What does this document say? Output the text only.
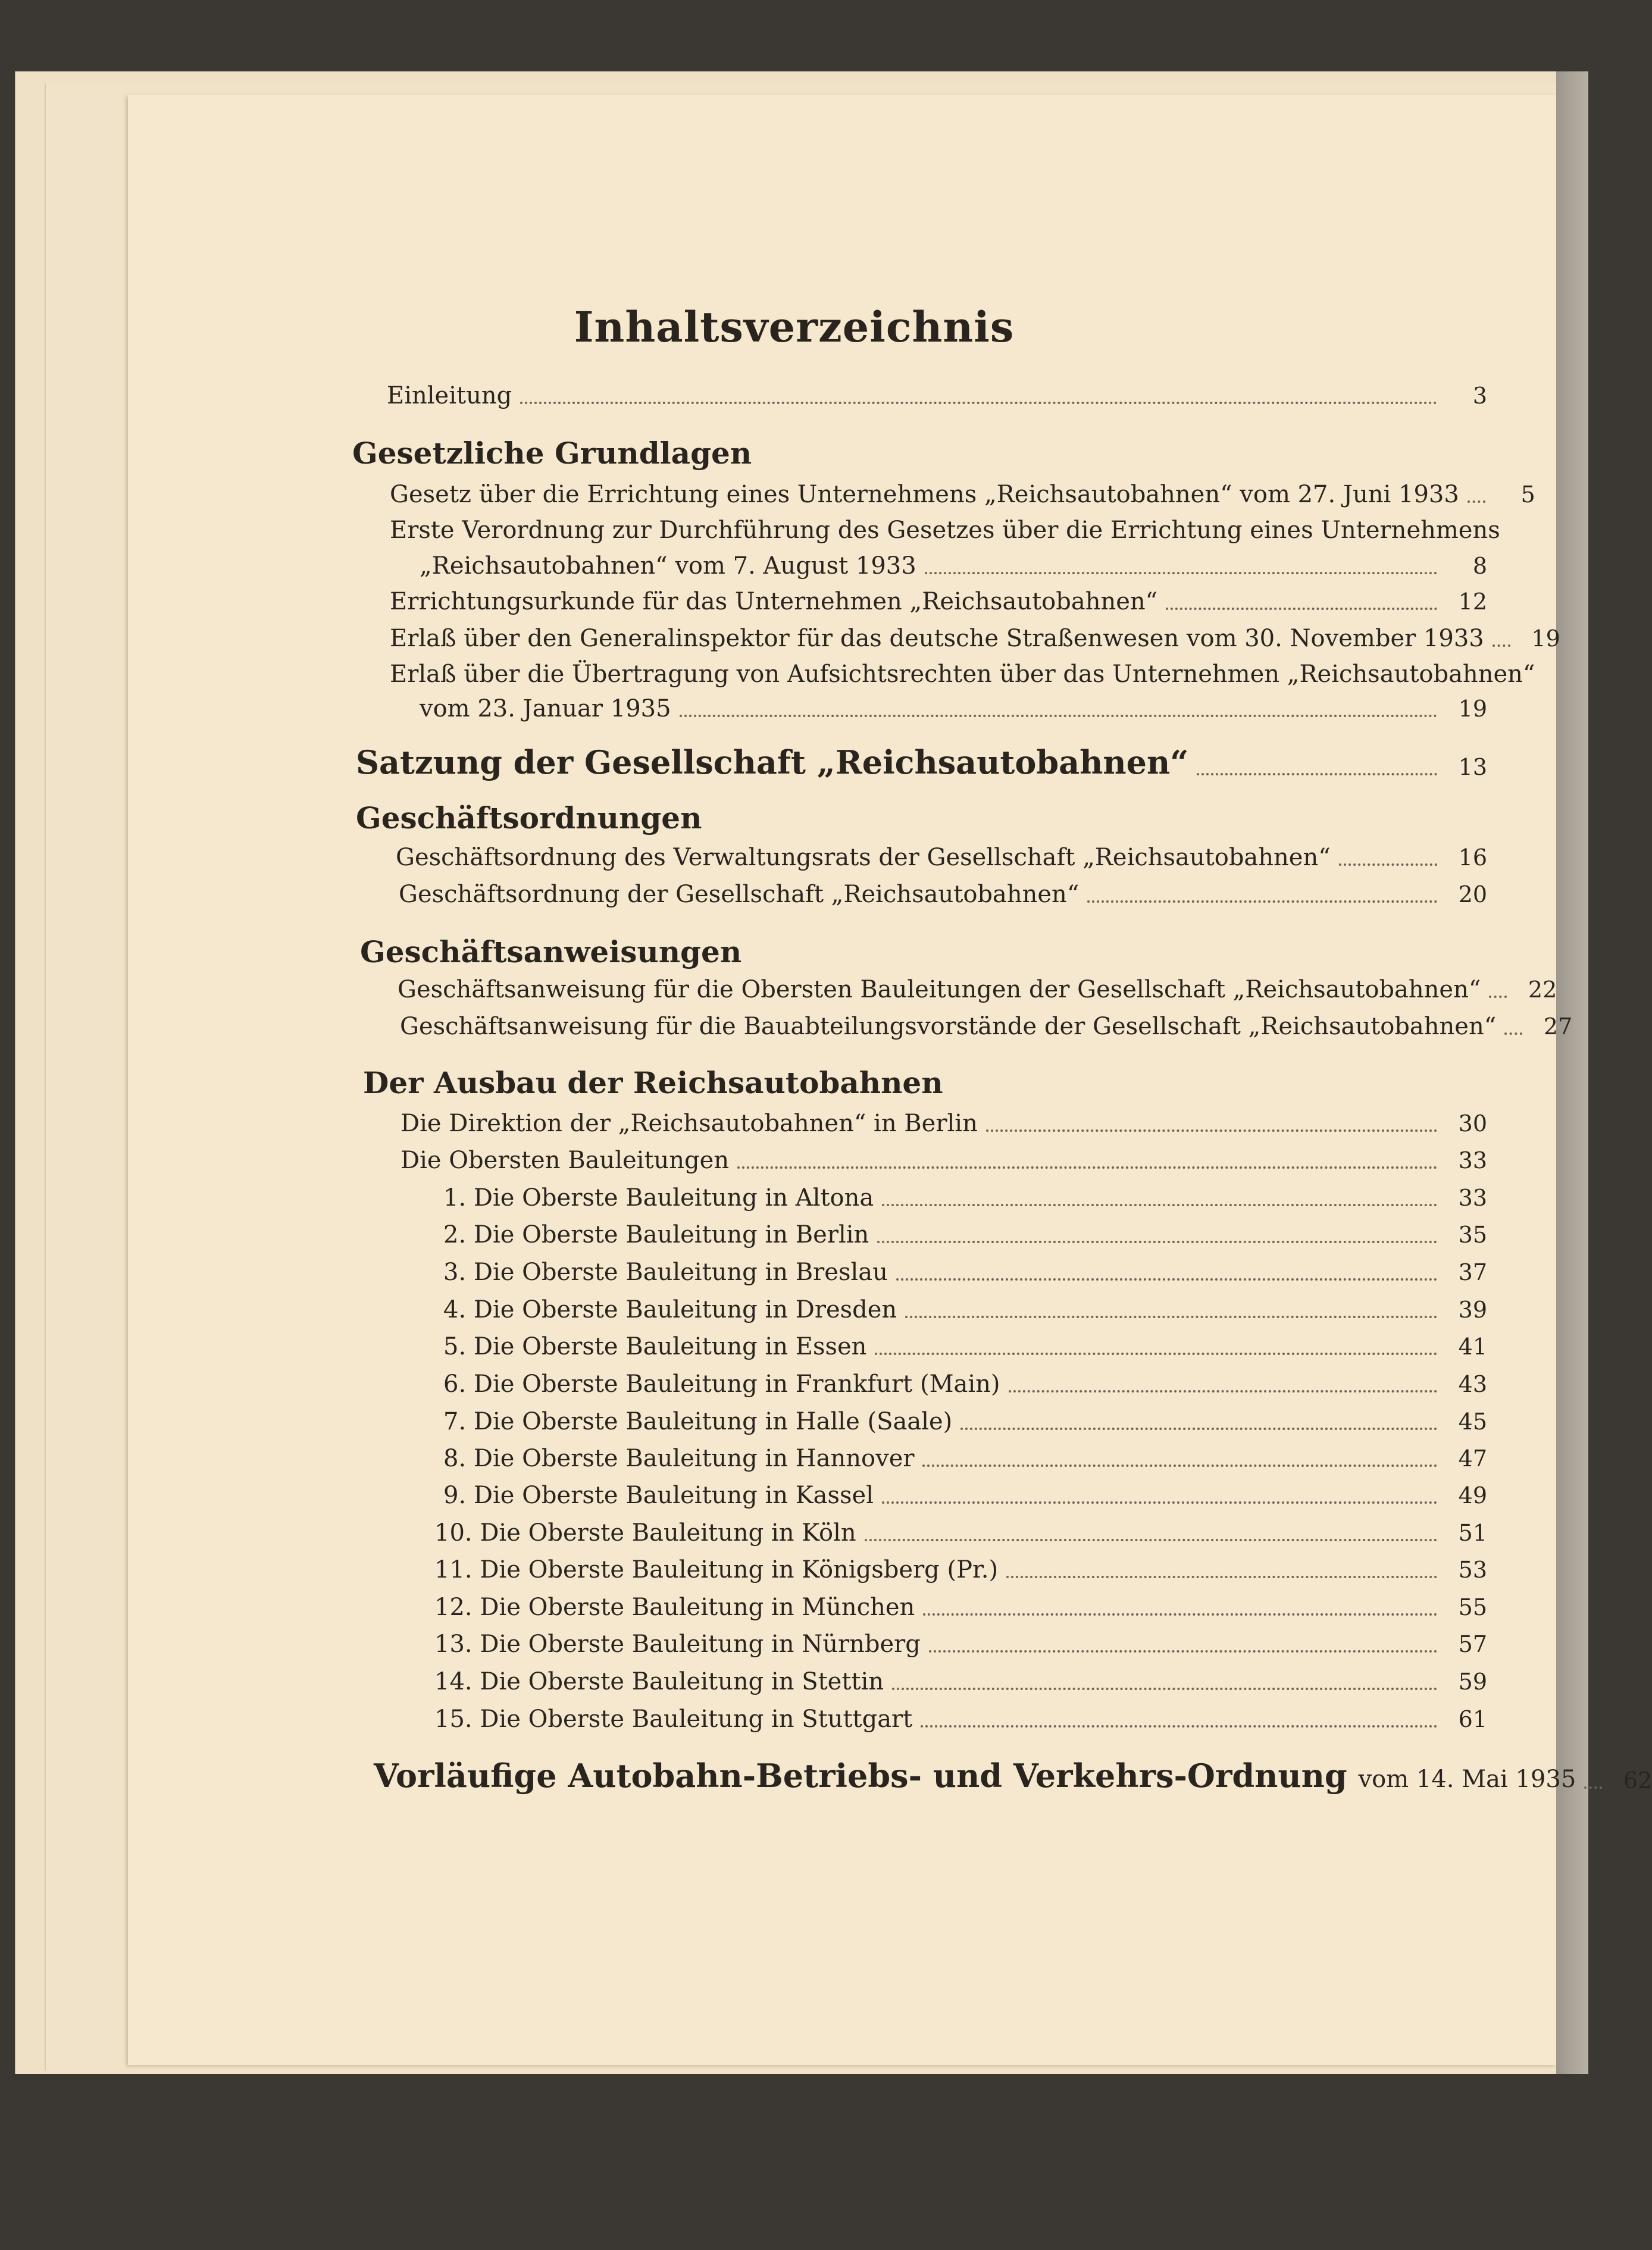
Inhaltsverzeichnis
Einleitung	3
Gesetzliche Grundlagen
Gesetz über die Errichtung eines Unternehmens „Reichsautobahnen“ vom 27. Juni 1933	5
Erste Verordnung zur Durchführung des Gesetzes über die Errichtung eines Unternehmens
„Reichsautobahnen“ vom 7. August 1933	8
Errichtungsurkunde für das Unternehmen „Reichsautobahnen“	12
Erlaß über den Generalinspektor für das deutsche Straßenwesen vom 30. November 1933	19
Erlaß über die Übertragung von Aufsichtsrechten über das Unternehmen „Reichsautobahnen“
vom 23. Januar 1935	19
Satzung der Gesellschaft „Reichsautobahnen“	13
Geschäftsordnungen
Geschäftsordnung des Verwaltungsrats der Gesellschaft „Reichsautobahnen“	16
Geschäftsordnung der Gesellschaft „Reichsautobahnen“	20
Geschäftsanweisungen
Geschäftsanweisung für die Obersten Bauleitungen der Gesellschaft „Reichsautobahnen“	22
Geschäftsanweisung für die Bauabteilungsvorstände der Gesellschaft „Reichsautobahnen“	27
Der Ausbau der Reichsautobahnen
Die Direktion der „Reichsautobahnen“ in Berlin	30
Die Obersten Bauleitungen	33
1. Die Oberste Bauleitung in Altona	33
2. Die Oberste Bauleitung in Berlin	35
3. Die Oberste Bauleitung in Breslau	37
4. Die Oberste Bauleitung in Dresden	39
5. Die Oberste Bauleitung in Essen	41
6. Die Oberste Bauleitung in Frankfurt (Main)	43
7. Die Oberste Bauleitung in Halle (Saale)	45
8. Die Oberste Bauleitung in Hannover	47
9. Die Oberste Bauleitung in Kassel	49
10. Die Oberste Bauleitung in Köln	51
11. Die Oberste Bauleitung in Königsberg (Pr.)	53
12. Die Oberste Bauleitung in München	55
13. Die Oberste Bauleitung in Nürnberg	57
14. Die Oberste Bauleitung in Stettin	59
15. Die Oberste Bauleitung in Stuttgart	61
Vorläufige Autobahn-Betriebs- und Verkehrs-Ordnung vom 14. Mai 1935	62
